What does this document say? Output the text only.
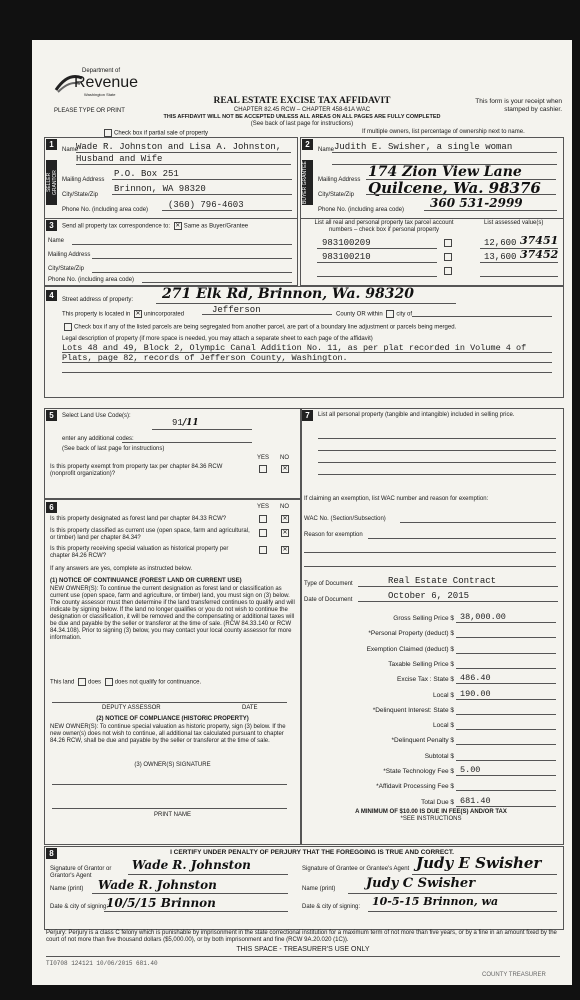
Department of
Revenue
Washington State
PLEASE TYPE OR PRINT
REAL ESTATE EXCISE TAX AFFIDAVIT
CHAPTER 82.45 RCW – CHAPTER 458-61A WAC
THIS AFFIDAVIT WILL NOT BE ACCEPTED UNLESS ALL AREAS ON ALL PAGES ARE FULLY COMPLETED
(See back of last page for instructions)
This form is your receipt when stamped by cashier.
Check box if partial sale of property	If multiple owners, list percentage of ownership next to name.
1
SELLER GRANTOR
Name
Wade R. Johnston and Lisa A. Johnston,
Husband and Wife
Mailing Address
P.O. Box 251
City/State/Zip
Brinnon, WA 98320
Phone No. (including area code) (360) 796-4603
2
BUYER GRANTEE
Name Judith E. Swisher, a single woman
Mailing Address 174 Zion View Lane
City/State/Zip Quilcene, Wa. 98376
Phone No. (including area code) 360 531-2999
3	Send all property tax correspondence to: ✕ Same as Buyer/Grantee
Name
Mailing Address
City/State/Zip
Phone No. (including area code)
List all real and personal property tax parcel account numbers – check box if personal property
List assessed value(s)
983100209	12,600 37451
983100210	13,600 37452
4	Street address of property: 271 Elk Rd, Brinnon, Wa. 98320
This property is located in ✕ unincorporated	Jefferson	County OR within city of
Check box if any of the listed parcels are being segregated from another parcel, are part of a boundary line adjustment or parcels being merged.
Legal description of property (if more space is needed, you may attach a separate sheet to each page of the affidavit)
Lots 48 and 49, Block 2, Olympic Canal Addition No. 11, as per plat recorded in Volume 4 of Plats, page 82, records of Jefferson County, Washington.
5	Select Land Use Code(s):
91/11
enter any additional codes:
(See back of last page for instructions)
YES NO
Is this property exempt from property tax per chapter 84.36 RCW (nonprofit organization)?
✕
6	YES NO
Is this property designated as forest land per chapter 84.33 RCW?	✕
Is this property classified as current use (open space, farm and agricultural, or timber) land per chapter 84.34?
✕
Is this property receiving special valuation as historical property per chapter 84.26 RCW?
✕
If any answers are yes, complete as instructed below.
(1) NOTICE OF CONTINUANCE (FOREST LAND OR CURRENT USE)
NEW OWNER(S): To continue the current designation as forest land or classification as current use (open space, farm and agriculture, or timber) land, you must sign on (3) below. The county assessor must then determine if the land transferred continues to qualify and will indicate by signing below. If the land no longer qualifies or you do not wish to continue the designation or classification, it will be removed and the compensating or additional taxes will be due and payable by the seller or transferor at the time of sale. (RCW 84.33.140 or RCW 84.34.108). Prior to signing (3) below, you may contact your local county assessor for more information.
This land does does not qualify for continuance.
DEPUTY ASSESSOR	DATE
(2) NOTICE OF COMPLIANCE (HISTORIC PROPERTY)
NEW OWNER(S): To continue special valuation as historic property, sign (3) below. If the new owner(s) does not wish to continue, all additional tax calculated pursuant to chapter 84.26 RCW, shall be due and payable by the seller or transferor at the time of sale.
(3) OWNER(S) SIGNATURE
PRINT NAME
7	List all personal property (tangible and intangible) included in selling price.
If claiming an exemption, list WAC number and reason for exemption:
WAC No. (Section/Subsection)
Reason for exemption
Type of Document	Real Estate Contract
Date of Document	October 6, 2015
Gross Selling Price $ 38,000.00
*Personal Property (deduct) $
Exemption Claimed (deduct) $
Taxable Selling Price $
Excise Tax : State $ 486.40
Local $ 190.00
*Delinquent Interest: State $
Local $
*Delinquent Penalty $
Subtotal $
*State Technology Fee $ 5.00
*Affidavit Processing Fee $
Total Due $ 681.40
A MINIMUM OF $10.00 IS DUE IN FEE(S) AND/OR TAX
*SEE INSTRUCTIONS
8	I CERTIFY UNDER PENALTY OF PERJURY THAT THE FOREGOING IS TRUE AND CORRECT.
Signature of Grantor or Grantor's Agent
Wade R. Johnston
Name (print) Wade R. Johnston
Date & city of signing:
10/5/15 Brinnon
Signature of Grantee or Grantee's Agent Judy E Swisher
Name (print) Judy C Swisher
Date & city of signing: 10-5-15 Brinnon, wa
Perjury: Perjury is a class C felony which is punishable by imprisonment in the state correctional institution for a maximum term of not more than five years, or by a fine in an amount fixed by the court of not more than five thousand dollars ($5,000.00), or by both imprisonment and fine (RCW 9A.20.020 (1C)).
THIS SPACE - TREASURER'S USE ONLY
TI0708 124121 10/06/2015 681.40
COUNTY TREASURER
